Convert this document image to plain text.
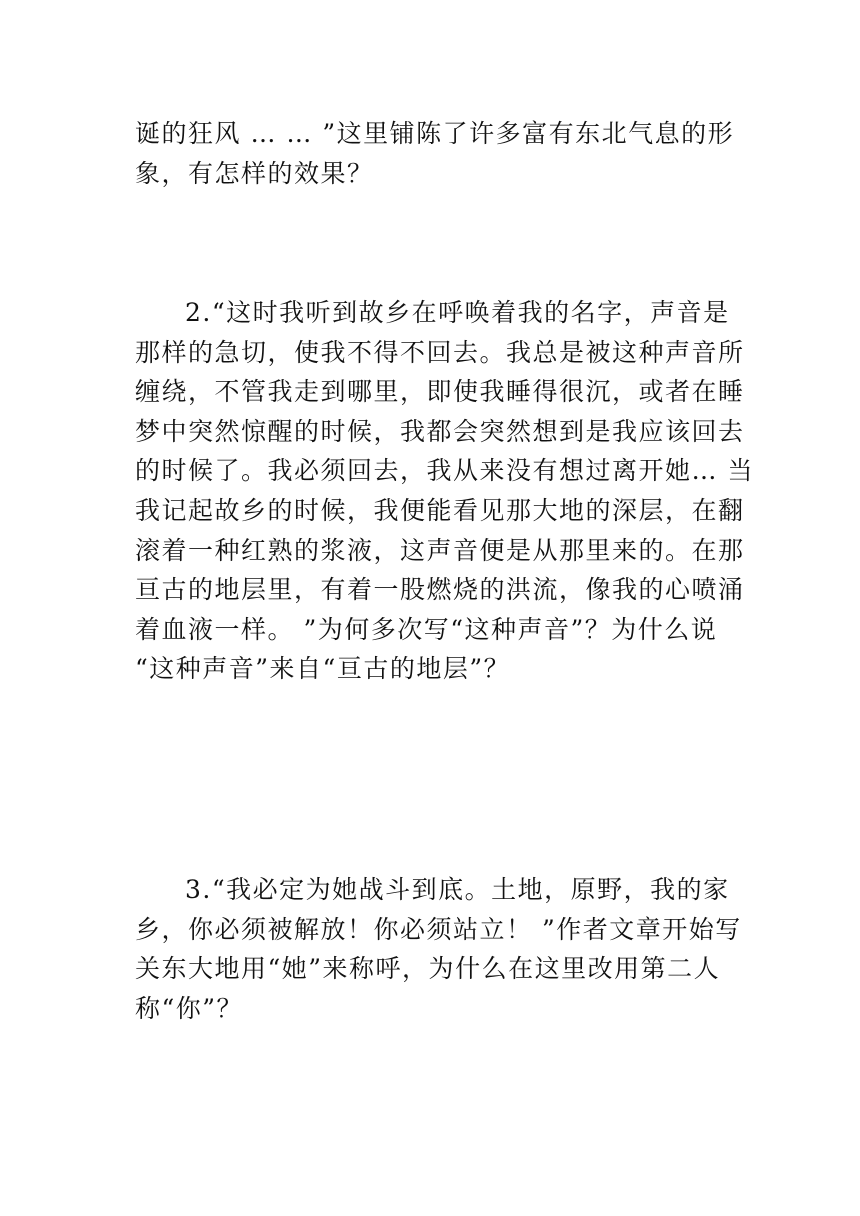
诞的狂风 … … ”这里铺陈了许多富有东北气息的形
象，有怎样的效果？

2.“这时我听到故乡在呼唤着我的名字，声音是
那样的急切，使我不得不回去。我总是被这种声音所
缠绕，不管我走到哪里，即使我睡得很沉，或者在睡
梦中突然惊醒的时候，我都会突然想到是我应该回去
的时候了。我必须回去，我从来没有想过离开她… 当
我记起故乡的时候，我便能看见那大地的深层，在翻
滚着一种红熟的浆液，这声音便是从那里来的。在那
亘古的地层里，有着一股燃烧的洪流，像我的心喷涌
着血液一样。 ”为何多次写“这种声音”？为什么说
“这种声音”来自“亘古的地层”？

3.“我必定为她战斗到底。土地，原野，我的家
乡，你必须被解放！你必须站立！ ”作者文章开始写
关东大地用“她”来称呼，为什么在这里改用第二人
称“你”？
